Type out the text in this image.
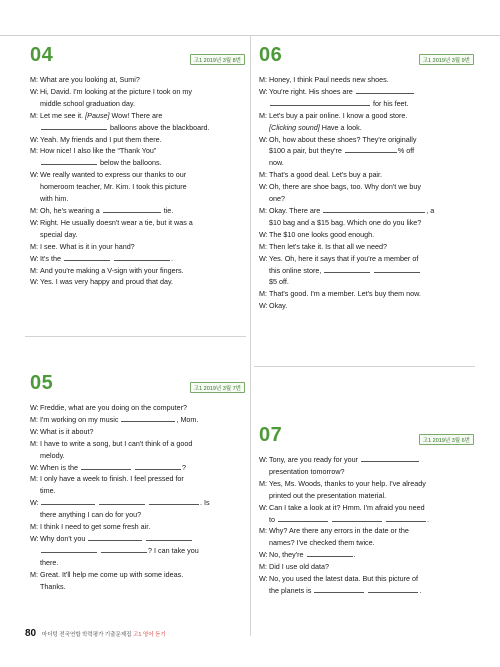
04	고1 2019년 3월 8번
M: What are you looking at, Sumi?
W: Hi, David. I'm looking at the picture I took on my
middle school graduation day.
M: Let me see it. [Pause] Wow! There are
balloons above the blackboard.
W: Yeah. My friends and I put them there.
M: How nice! I also like the “Thank You”
below the balloons.
W: We really wanted to express our thanks to our
homeroom teacher, Mr. Kim. I took this picture
with him.
M: Oh, he's wearing a	tie.
W: Right. He usually doesn't wear a tie, but it was a
special day.
M: I see. What is it in your hand?
W: It's the	.
M: And you're making a V-sign with your fingers.
W: Yes. I was very happy and proud that day.
06	고1 2019년 3월 9번
M: Honey, I think Paul needs new shoes.
W: You're right. His shoes are
for his feet.
M: Let's buy a pair online. I know a good store.
[Clicking sound] Have a look.
W: Oh, how about these shoes? They're originally
$100 a pair, but they're	% off
now.
M: That's a good deal. Let's buy a pair.
W: Oh, there are shoe bags, too. Why don't we buy
one?
M: Okay. There are	, a
$10 bag and a $15 bag. Which one do you like?
W: The $10 one looks good enough.
M: Then let's take it. Is that all we need?
W: Yes. Oh, here it says that if you're a member of
this online store,
$5 off.
M: That's good. I'm a member. Let's buy them now.
W: Okay.
05	고1 2019년 3월 7번
W: Freddie, what are you doing on the computer?
M: I'm working on my music	, Mom.
W: What is it about?
M: I have to write a song, but I can't think of a good
melody.
W: When is the	?
M: I only have a week to finish. I feel pressed for
time.
W:	. Is
there anything I can do for you?
M: I think I need to get some fresh air.
W: Why don't you
? I can take you
there.
M: Great. It'll help me come up with some ideas.
Thanks.
07	고1 2019년 3월 6번
W: Tony, are you ready for your
presentation tomorrow?
M: Yes, Ms. Woods, thanks to your help. I've already
printed out the presentation material.
W: Can I take a look at it? Hmm. I'm afraid you need
to	.
M: Why? Are there any errors in the date or the
names? I've checked them twice.
W: No, they're	.
M: Did I use old data?
W: No, you used the latest data. But this picture of
the planets is	.
80 마더텅 전국연합 학력평가 기출문제집 고1 영어 듣기
